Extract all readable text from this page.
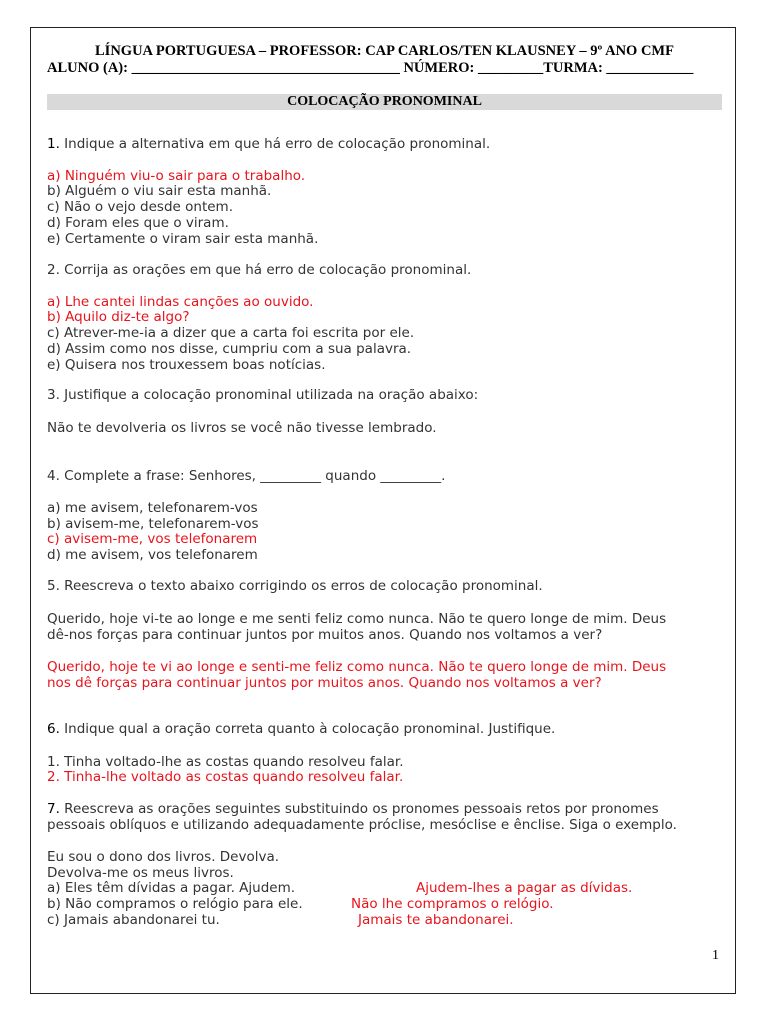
LÍNGUA PORTUGUESA – PROFESSOR: CAP CARLOS/TEN KLAUSNEY – 9º ANO CMF
ALUNO (A): _____________________________________ NÚMERO: _________TURMA: ____________
COLOCAÇÃO PRONOMINAL
1. Indique a alternativa em que há erro de colocação pronominal.
a) Ninguém viu-o sair para o trabalho.
b) Alguém o viu sair esta manhã.
c) Não o vejo desde ontem.
d) Foram eles que o viram.
e) Certamente o viram sair esta manhã.
2. Corrija as orações em que há erro de colocação pronominal.
a) Lhe cantei lindas canções ao ouvido.
b) Aquilo diz-te algo?
c) Atrever-me-ia a dizer que a carta foi escrita por ele.
d) Assim como nos disse, cumpriu com a sua palavra.
e) Quisera nos trouxessem boas notícias.
3. Justifique a colocação pronominal utilizada na oração abaixo:
Não te devolveria os livros se você não tivesse lembrado.
4. Complete a frase: Senhores, _________ quando _________.
a) me avisem, telefonarem-vos
b) avisem-me, telefonarem-vos
c) avisem-me, vos telefonarem
d) me avisem, vos telefonarem
5. Reescreva o texto abaixo corrigindo os erros de colocação pronominal.
Querido, hoje vi-te ao longe e me senti feliz como nunca. Não te quero longe de mim. Deus
dê-nos forças para continuar juntos por muitos anos. Quando nos voltamos a ver?
Querido, hoje te vi ao longe e senti-me feliz como nunca. Não te quero longe de mim. Deus
nos dê forças para continuar juntos por muitos anos. Quando nos voltamos a ver?
6. Indique qual a oração correta quanto à colocação pronominal. Justifique.
1. Tinha voltado-lhe as costas quando resolveu falar.
2. Tinha-lhe voltado as costas quando resolveu falar.
7. Reescreva as orações seguintes substituindo os pronomes pessoais retos por pronomes
pessoais oblíquos e utilizando adequadamente próclise, mesóclise e ênclise. Siga o exemplo.
Eu sou o dono dos livros. Devolva.
Devolva-me os meus livros.
a) Eles têm dívidas a pagar. Ajudem.	Ajudem-lhes a pagar as dívidas.
b) Não compramos o relógio para ele.	Não lhe compramos o relógio.
c) Jamais abandonarei tu.	Jamais te abandonarei.
1
